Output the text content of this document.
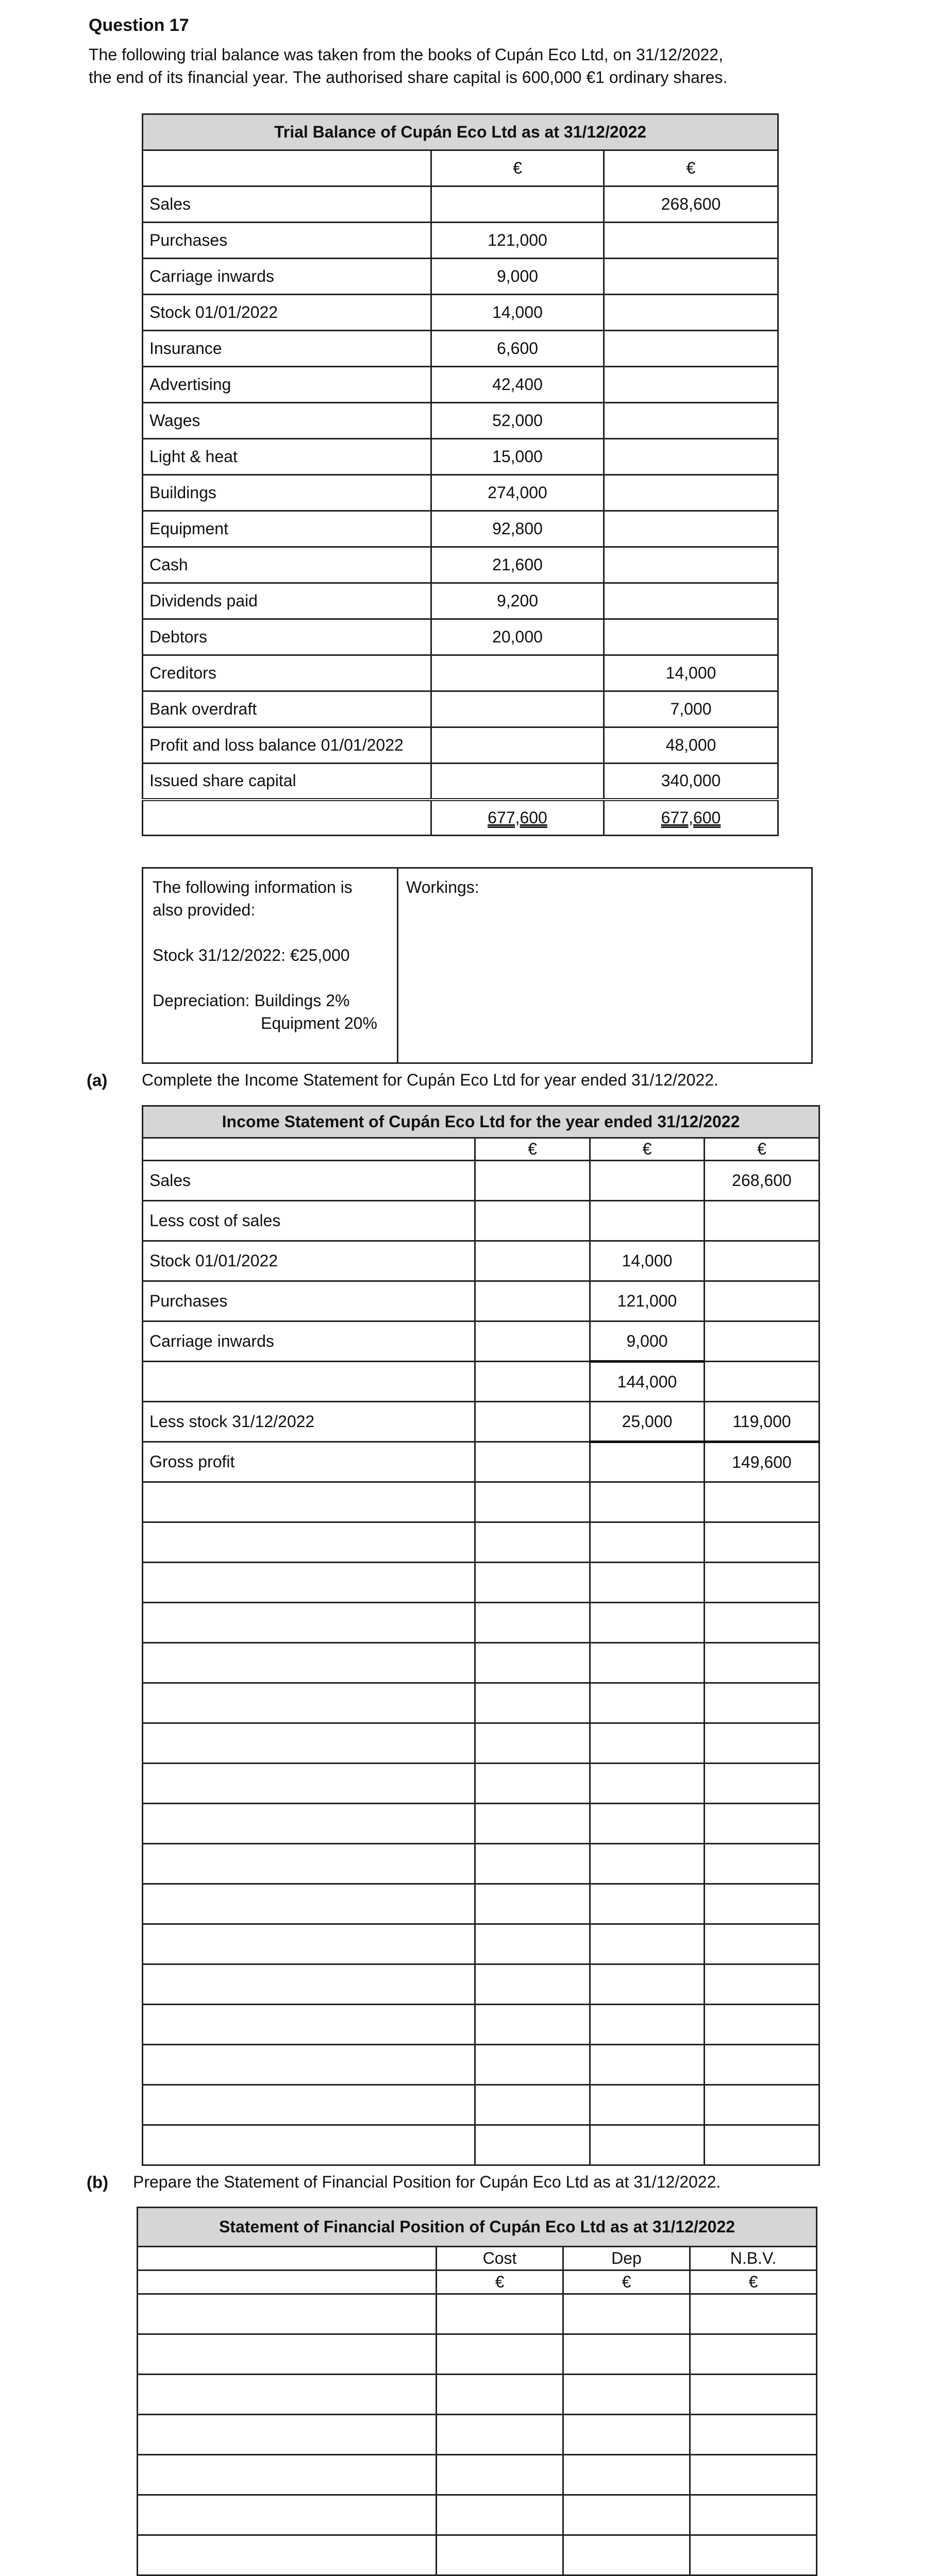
Question 17
The following trial balance was taken from the books of Cupán Eco Ltd, on 31/12/2022,
the end of its financial year. The authorised share capital is 600,000 €1 ordinary shares.
Trial Balance of Cupán Eco Ltd as at 31/12/2022		
	€	€
Sales		268,600
Purchases	121,000	
Carriage inwards	9,000	
Stock 01/01/2022	14,000	
Insurance	6,600	
Advertising	42,400	
Wages	52,000	
Light & heat	15,000	
Buildings	274,000	
Equipment	92,800	
Cash	21,600	
Dividends paid	9,200	
Debtors	20,000	
Creditors		14,000
Bank overdraft		7,000
Profit and loss balance 01/01/2022		48,000
Issued share capital		340,000
	677,600	677,600
The following information is
also provided:
Stock 31/12/2022: €25,000
Depreciation: Buildings 2%
Equipment 20%
Workings:
(a) Complete the Income Statement for Cupán Eco Ltd for year ended 31/12/2022.
Income Statement of Cupán Eco Ltd for the year ended 31/12/2022			
	€	€	€
Sales			268,600
Less cost of sales			
Stock 01/01/2022		14,000	
Purchases		121,000	
Carriage inwards		9,000	
		144,000	
Less stock 31/12/2022		25,000	119,000
Gross profit			149,600

(b) Prepare the Statement of Financial Position for Cupán Eco Ltd as at 31/12/2022.
Statement of Financial Position of Cupán Eco Ltd as at 31/12/2022			
	Cost	Dep	N.B.V.
	€	€	€
